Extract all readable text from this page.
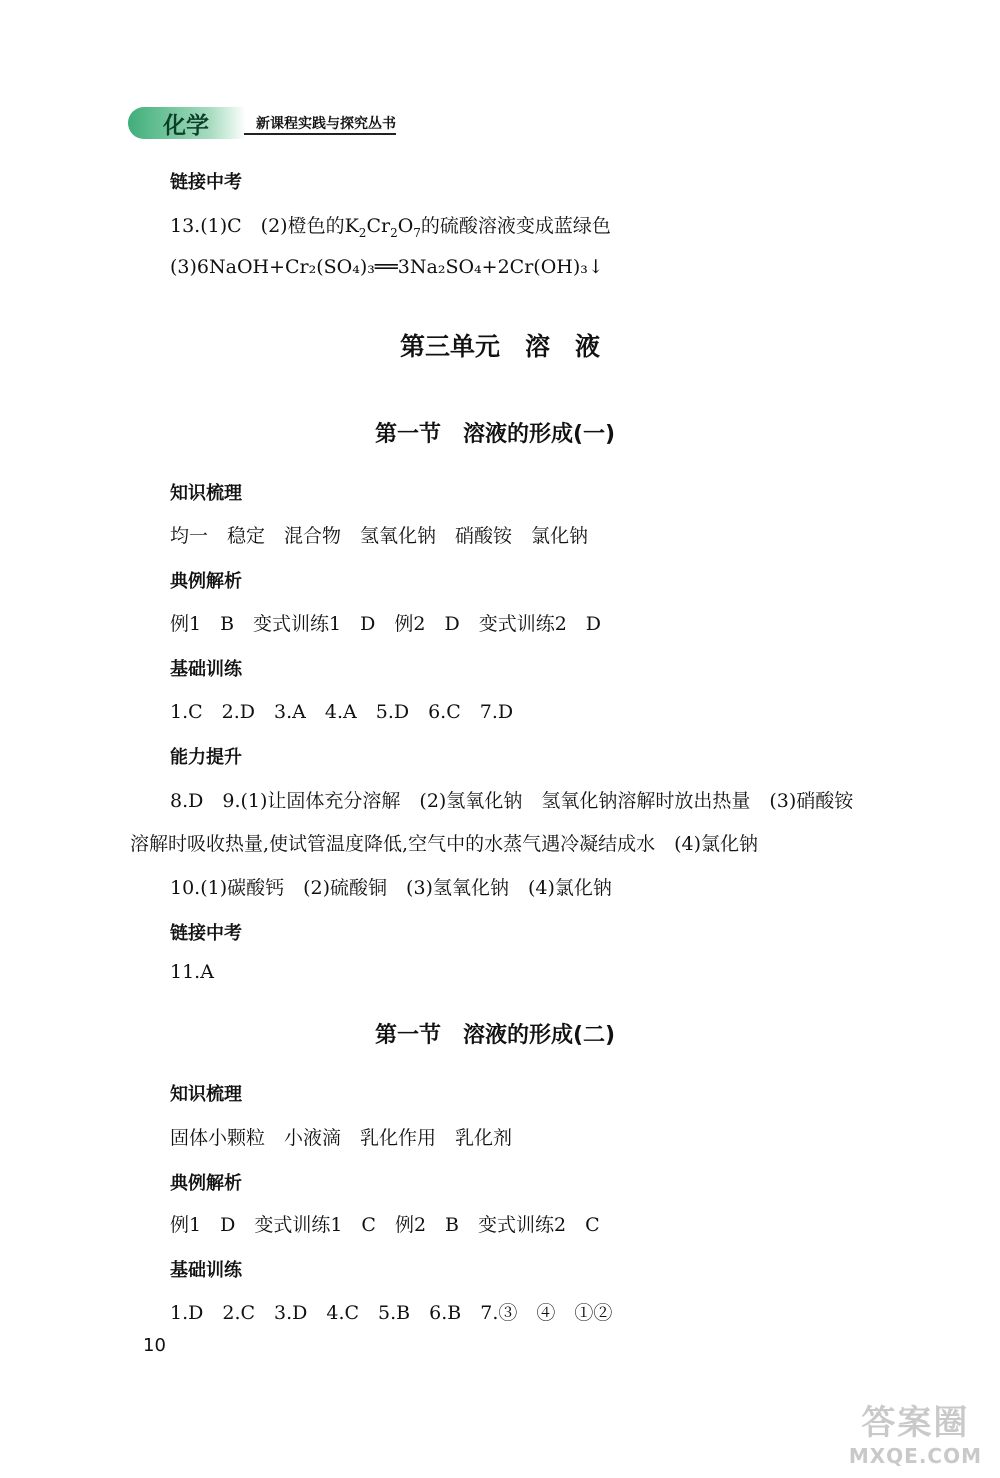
化学	新课程实践与探究丛书
链接中考
13.(1)C　(2)橙色的$K_2Cr_2O_7$的硫酸溶液变成蓝绿色
(3)6NaOH+Cr₂(SO₄)₃══3Na₂SO₄+2Cr(OH)₃↓
第三单元　溶　液
第一节　溶液的形成(一)
知识梳理
均一　稳定　混合物　氢氧化钠　硝酸铵　氯化钠
典例解析
例1　B　变式训练1　D　例2　D　变式训练2　D
基础训练
1.C　2.D　3.A　4.A　5.D　6.C　7.D
能力提升
8.D　9.(1)让固体充分溶解　(2)氢氧化钠　氢氧化钠溶解时放出热量　(3)硝酸铵
溶解时吸收热量,使试管温度降低,空气中的水蒸气遇冷凝结成水　(4)氯化钠
10.(1)碳酸钙　(2)硫酸铜　(3)氢氧化钠　(4)氯化钠
链接中考
11.A
第一节　溶液的形成(二)
知识梳理
固体小颗粒　小液滴　乳化作用　乳化剂
典例解析
例1　D　变式训练1　C　例2　B　变式训练2　C
基础训练
1.D　2.C　3.D　4.C　5.B　6.B　7.③　④　①②
10
答案圈
MXQE.COM
